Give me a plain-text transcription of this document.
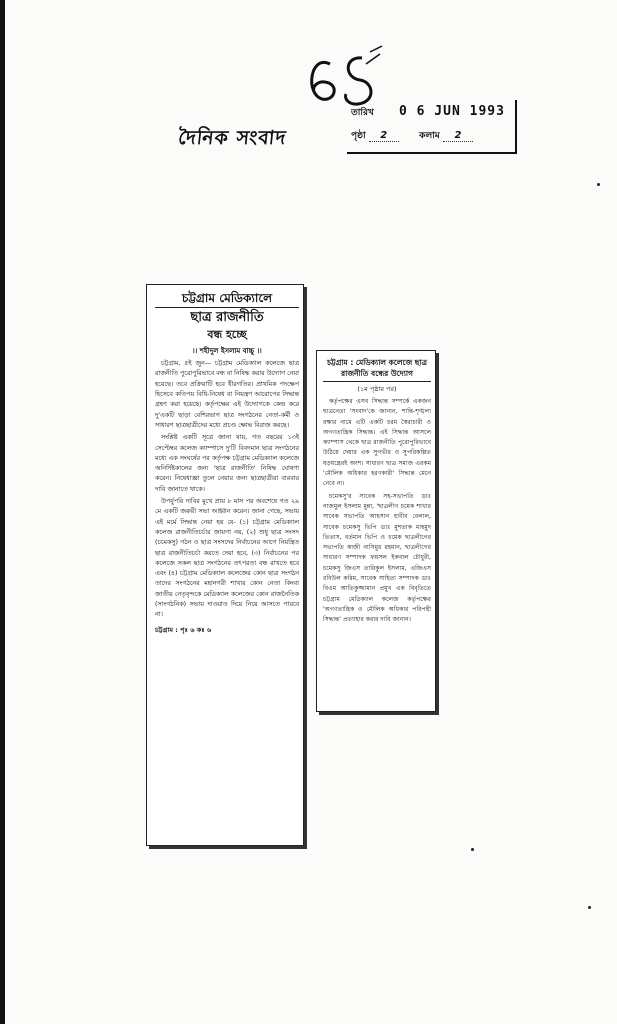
দৈনিক সংবাদ
তারিখ 0 6 JUN 1993
পৃষ্ঠা 2	কলাম 2
চট্টগ্রাম মেডিক্যালে
ছাত্র রাজনীতি
বন্ধ হচ্ছে
।। শহীদুল ইসলাম বাচ্চু ।।

চট্টগ্রাম, ৫ই জুন— চট্টগ্রাম মেডিক্যাল কলেজে ছাত্র রাজনীতি পুরোপুরিভাবে বন্ধ বা নিষিদ্ধ করার উদ্যোগ নেয়া হয়েছে। তবে প্রক্রিয়াটি হবে ধীরগতির। প্রাথমিক পদক্ষেপ হিসেবে কতিপয় বিধি-নিষেধ বা নিয়ন্ত্রণ আরোপের সিদ্ধান্ত গ্রহণ করা হয়েছে। কর্তৃপক্ষের এই উদ্যোগকে কেন্দ্র করে দু'একটি ছাড়া বেশিরভাগ ছাত্র সংগঠনের নেতা-কর্মী ও সাধারণ ছাত্রছাত্রীদের মধ্যে প্রচণ্ড ক্ষোভ বিরাজ করছে।

সংশ্লিষ্ট একটি সূত্রে জানা যায়, গত বছরের ১৩ই সেপ্টেম্বর কলেজ ক্যাম্পাসে দু'টি বিবদমান ছাত্র সংগঠনের মধ্যে এক সংঘর্ষের পর কর্তৃপক্ষ চট্টগ্রাম মেডিক্যাল কলেজে অনির্দিষ্টকালের জন্য 'ছাত্র রাজনীতি' নিষিদ্ধ ঘোষণা করেন। নিষেধাজ্ঞা তুলে নেয়ার জন্য ছাত্রছাত্রীরা বারবার দাবি জানাতে থাকে।

উপর্যুপরি দাবির মুখে প্রায় ৮ মাস পর অবশেষে গত ২৯ মে একটি জরুরী সভা আহ্বান করেন। জানা গেছে, সভায় এই মর্মে সিদ্ধান্ত নেয়া হয় যে- (১) চট্টগ্রাম মেডিক্যাল কলেজ রাজনীতিচর্চার জায়গা নয়, (২) শুধু ছাত্র সংসদ (চমেকসু) গঠন ও ছাত্র সংসদের নির্বাচনের আগে নিয়ন্ত্রিত ছাত্র রাজনীতিচর্চা করতে দেয়া হবে, (৩) নির্বাচনের পর কলেজে সকল ছাত্র সংগঠনের তৎপরতা বন্ধ রাখতে হবে এবং (৪) চট্টগ্রাম মেডিক্যাল কলেজের কোন ছাত্র সংগঠন তাদের সংগঠনের মহানগরী শাখার কোন নেতা কিংবা জাতীয় নেতৃবৃন্দকে মেডিক্যাল কলেজের কোন রাজনৈতিক (সাংগঠনিক) সভায় দাওয়াত দিয়ে নিয়ে আসতে পারবে না।

চট্টগ্রাম : পৃঃ ৬ কঃ ৬
চট্টগ্রাম : মেডিক্যাল কলেজে ছাত্র রাজনীতি বন্ধের উদ্যোগ
(১ম পৃষ্ঠার পর)

কর্তৃপক্ষের এসব সিদ্ধান্ত সম্পর্কে একজন ছাত্রনেতা 'সংবাদ'কে জানান, শান্তি-শৃঙ্খলা রক্ষার নামে এটি একটি চরম স্বৈরাচারী ও অগণতান্ত্রিক সিদ্ধান্ত। এই সিদ্ধান্ত আসলে ক্যাম্পাস থেকে ছাত্র রাজনীতি পুরোপুরিভাবে উঠিয়ে দেয়ার এক সুগভীর ও সুপরিকল্পিত ষড়যন্ত্রেরই অংশ। সাধারণ ছাত্র সমাজ এরকম 'মৌলিক অধিকার হরণকারী' সিদ্ধান্ত মেনে নেবে না।

চমেকসু'র সাবেক সহ-সভাপতি ডাঃ নাজমুল ইসলাম মুন্না, 'ছাত্রলীগ চমেক শাখার সাবেক সভাপতি আহসান হাবীব বেলাল, সাবেক চমেকসু ভিপি ডাঃ মুশতাক মাহমুদ তিতাস, বর্তমান ভিপি ও চমেক ছাত্রলীগের সভাপতি কাজী নাসিমুর রহমান, ছাত্রলীগের সাধারণ সম্পাদক ফয়সল ইকবাল চৌধুরী, চমেকসু জিএস তারিকুল ইসলাম, এজিএস রবিউল করিম, সাবেক সাহিত্য সম্পাদক ডাঃ বিএম আতিকুজ্জামান প্রমুখ এক বিবৃতিতে চট্টগ্রাম মেডিক্যাল কলেজ কর্তৃপক্ষের 'অগণতান্ত্রিক ও মৌলিক অধিকার পরিপন্থী সিদ্ধান্ত' প্রত্যাহার করার দাবি জানান।
